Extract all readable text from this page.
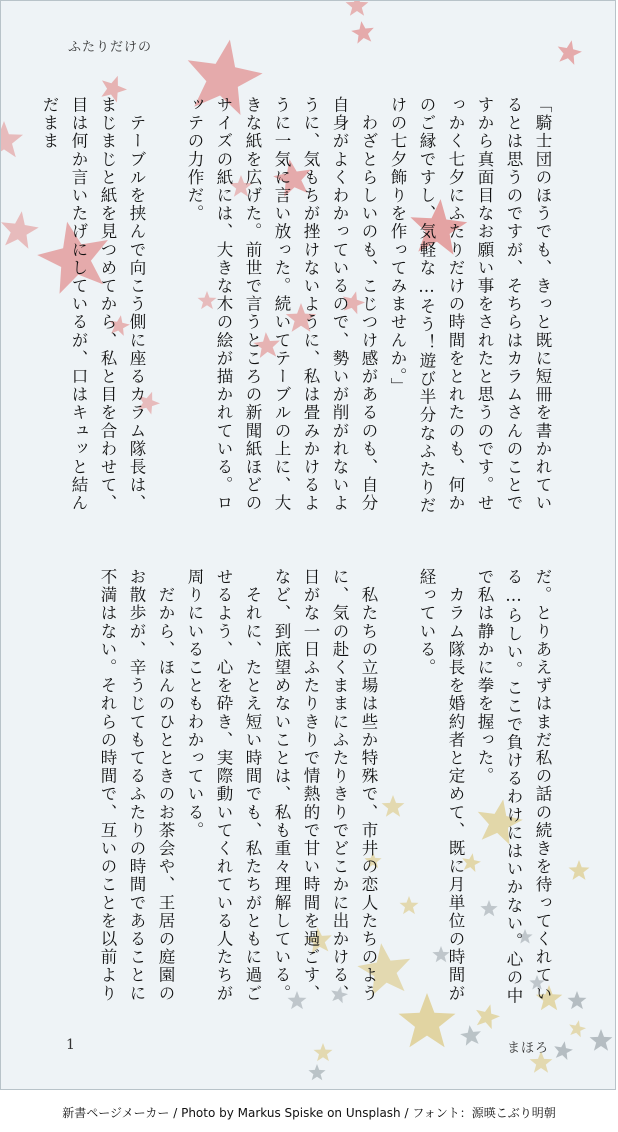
ふたりだけの

「騎士団のほうでも、きっと既に短冊を書かれているとは思うのですが、そちらはカラムさんのことですから真面目なお願い事をされたと思うのです。せっかく七夕にふたりだけの時間をとれたのも、何かのご縁ですし、気軽な…そう！遊び半分なふたりだけの七夕飾りを作ってみませんか。」

　わざとらしいのも、こじつけ感があるのも、自分自身がよくわかっているので、勢いが削がれないように、気もちが挫けないように、私は畳みかけるように一気に言い放った。続いてテーブルの上に、大きな紙を広げた。前世で言うところの新聞紙ほどのサイズの紙には、大きな木の絵が描かれている。ロッテの力作だ。

　テーブルを挟んで向こう側に座るカラム隊長は、まじまじと紙を見つめてから、私と目を合わせて、目は何か言いたげにしているが、口はキュッと結んだまま

だ。とりあえずはまだ私の話の続きを待ってくれている…らしい。ここで負けるわけにはいかない。心の中で私は静かに拳を握った。

　カラム隊長を婚約者と定めて、既に月単位の時間が経っている。

　私たちの立場は些か特殊で、市井の恋人たちのように、気の赴くままにふたりきりでどこかに出かける、日がな一日ふたりきりで情熱的で甘い時間を過ごす、など、到底望めないことは、私も重々理解している。

　それに、たとえ短い時間でも、私たちがともに過ごせるよう、心を砕き、実際動いてくれている人たちが周りにいることもわかっている。

　だから、ほんのひとときのお茶会や、王居の庭園のお散歩が、辛うじてもてるふたりの時間であることに不満はない。それらの時間で、互いのことを以前より

1	まほろ
新書ページメーカー / Photo by Markus Spiske on Unsplash / フォント：源暎こぶり明朝
